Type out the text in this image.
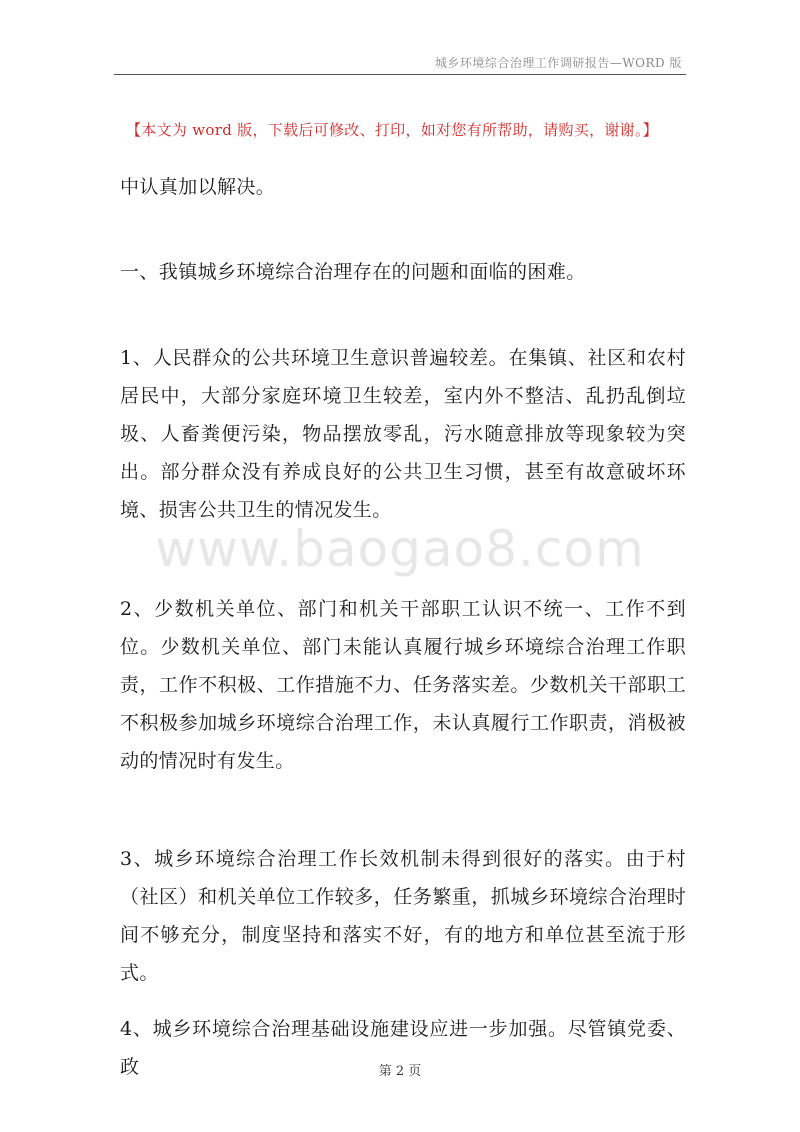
城乡环境综合治理工作调研报告—WORD 版
【本文为 word 版，下载后可修改、打印，如对您有所帮助，请购买，谢谢。】
www.baogao8.com

中认真加以解决。

一、我镇城乡环境综合治理存在的问题和面临的困难。

1、人民群众的公共环境卫生意识普遍较差。在集镇、社区和农村居民中，大部分家庭环境卫生较差，室内外不整洁、乱扔乱倒垃圾、人畜粪便污染，物品摆放零乱，污水随意排放等现象较为突出。部分群众没有养成良好的公共卫生习惯，甚至有故意破坏环境、损害公共卫生的情况发生。

2、少数机关单位、部门和机关干部职工认识不统一、工作不到位。少数机关单位、部门未能认真履行城乡环境综合治理工作职责，工作不积极、工作措施不力、任务落实差。少数机关干部职工不积极参加城乡环境综合治理工作，未认真履行工作职责，消极被动的情况时有发生。

3、城乡环境综合治理工作长效机制未得到很好的落实。由于村（社区）和机关单位工作较多，任务繁重，抓城乡环境综合治理时间不够充分，制度坚持和落实不好，有的地方和单位甚至流于形式。

4、城乡环境综合治理基础设施建设应进一步加强。尽管镇党委、政	第 2 页
